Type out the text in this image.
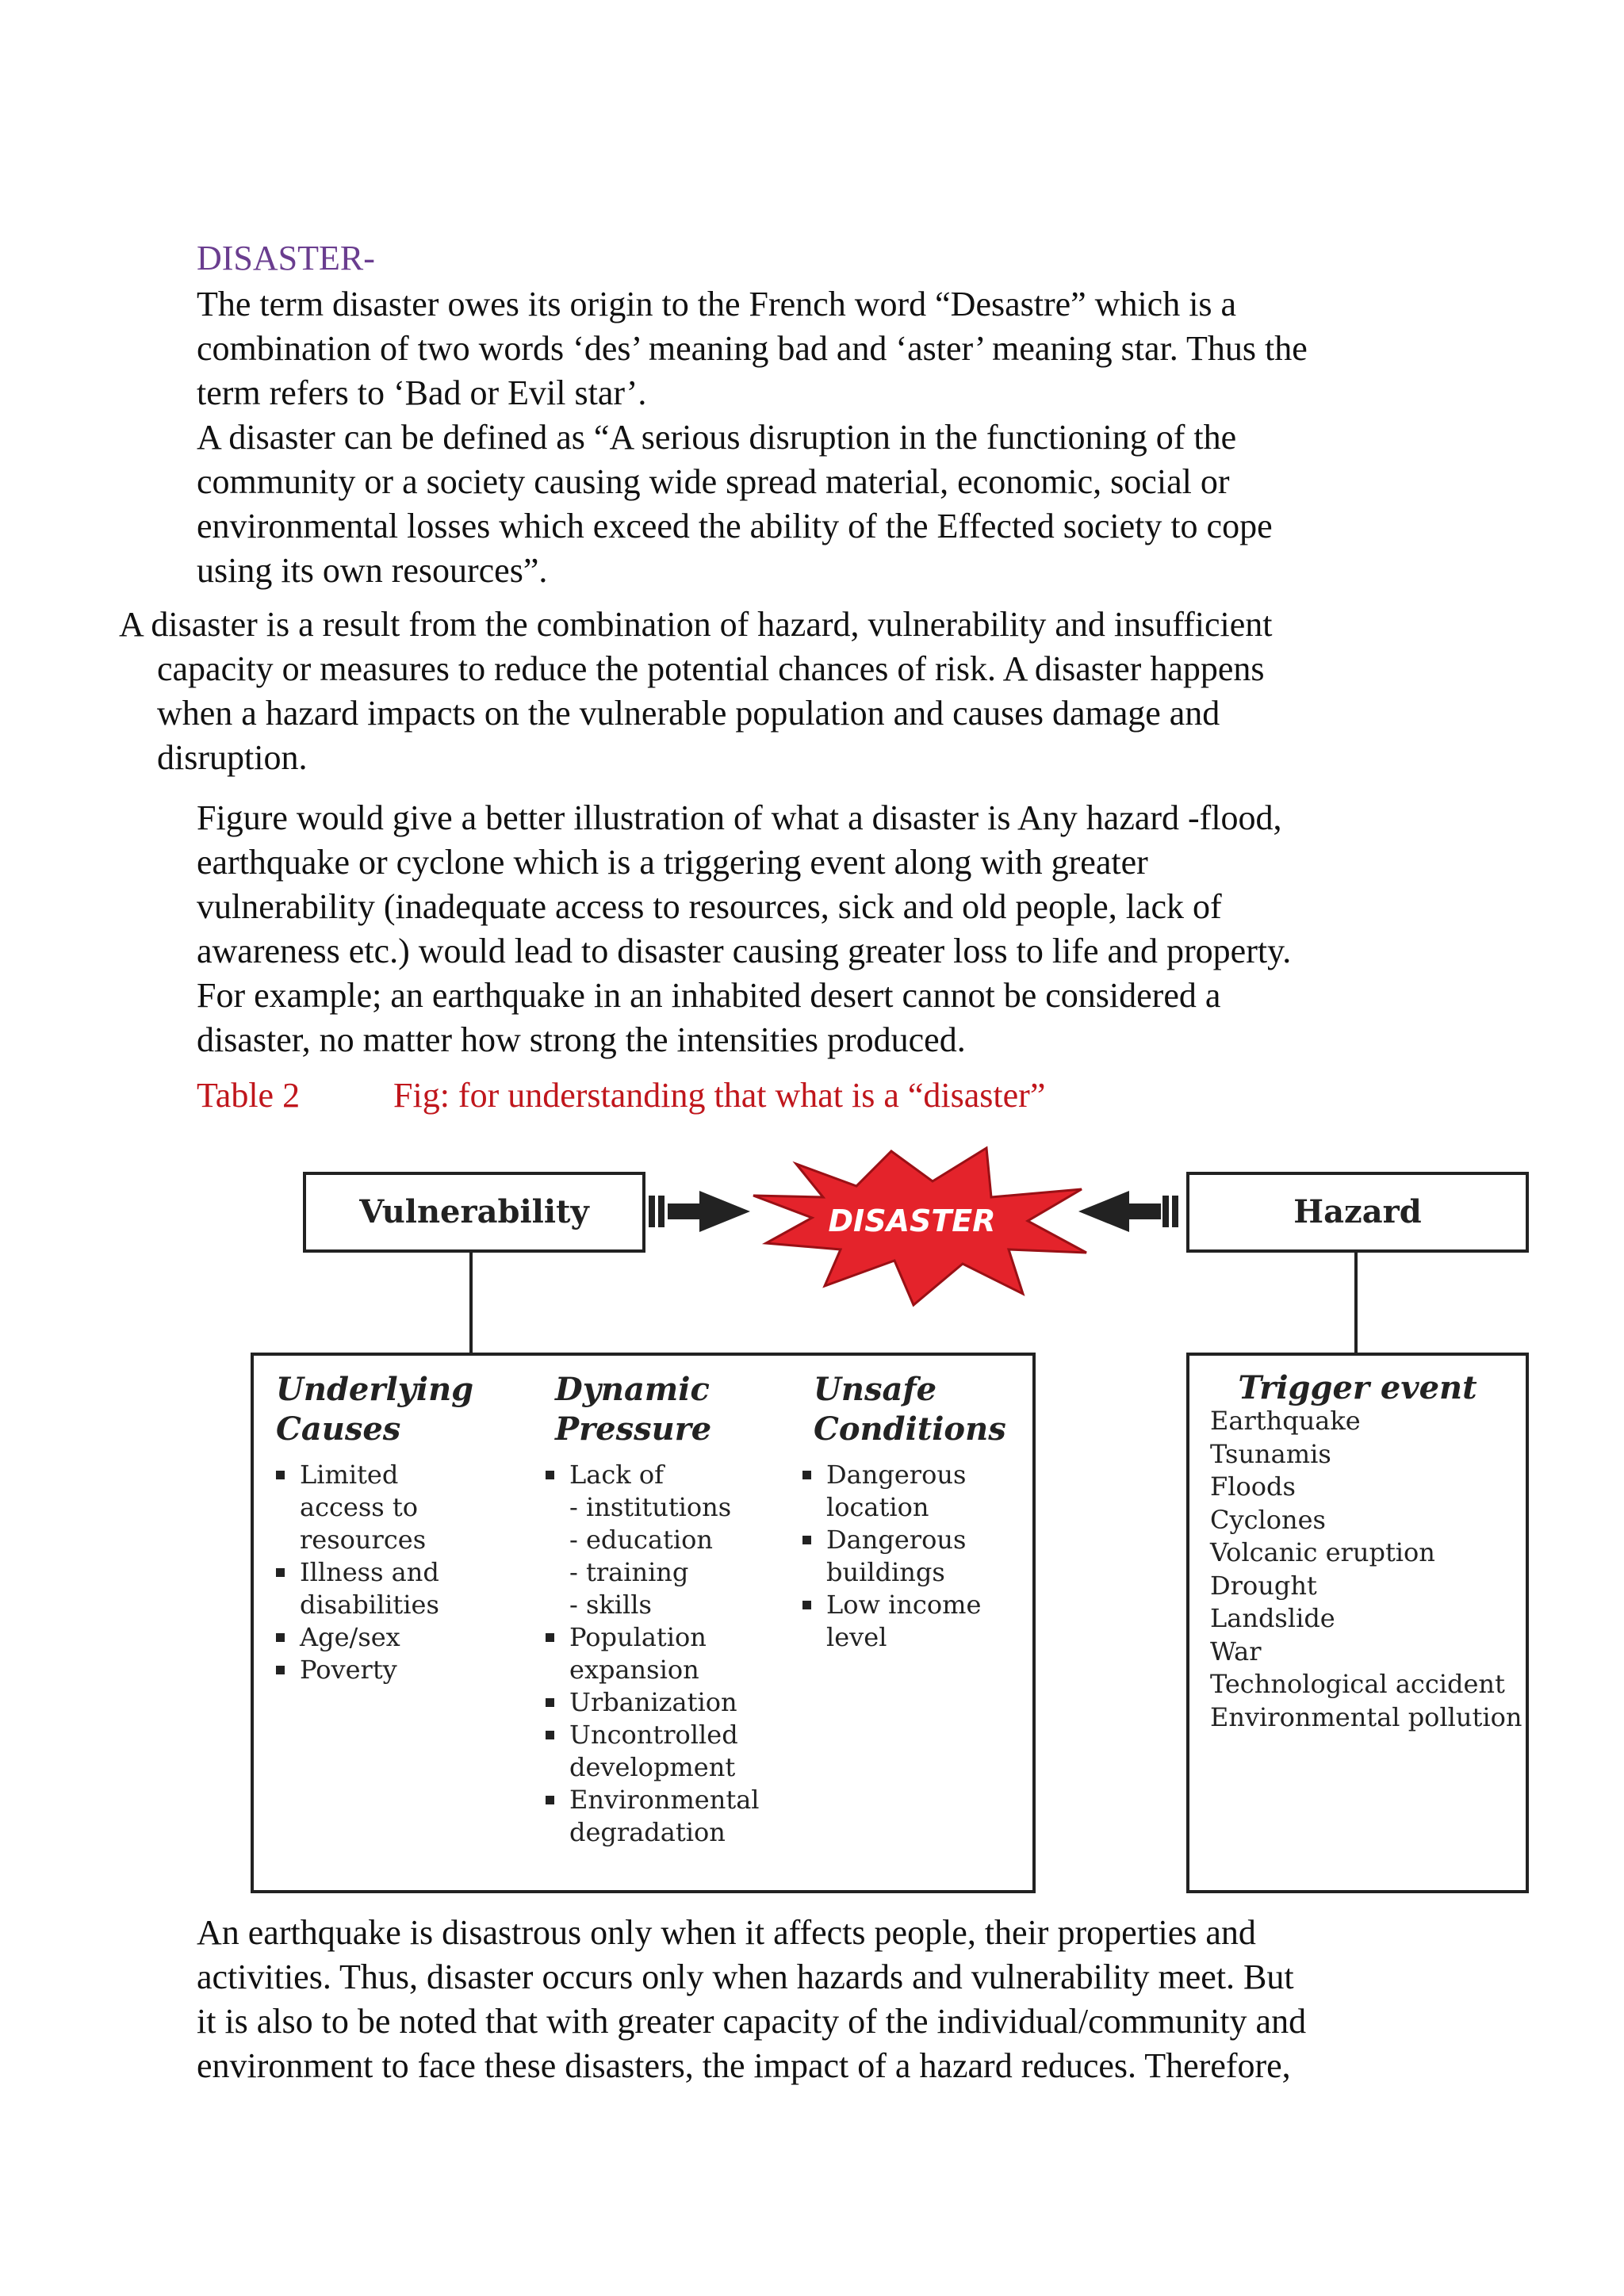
DISASTER-

The term disaster owes its origin to the French word “Desastre” which is a
combination of two words ‘des’ meaning bad and ‘aster’ meaning star. Thus the
term refers to ‘Bad or Evil star’.

A disaster can be defined as “A serious disruption in the functioning of the
community or a society causing wide spread material, economic, social or
environmental losses which exceed the ability of the Effected society to cope
using its own resources”.

A disaster is a result from the combination of hazard, vulnerability and insufficient
capacity or measures to reduce the potential chances of risk. A disaster happens
when a hazard impacts on the vulnerable population and causes damage and
disruption.

Figure would give a better illustration of what a disaster is Any hazard -flood,
earthquake or cyclone which is a triggering event along with greater
vulnerability (inadequate access to resources, sick and old people, lack of
awareness etc.) would lead to disaster causing greater loss to life and property.
For example; an earthquake in an inhabited desert cannot be considered a
disaster, no matter how strong the intensities produced.

Table 2	Fig: for understanding that what is a “disaster”
DISASTER
Vulnerability	Hazard
Underlying
Causes
Limited
access to
resources
Illness and
disabilities
Age/sex
Poverty
Dynamic
Pressure
Lack of
- institutions
- education
- training
- skills
Population
expansion
Urbanization
Uncontrolled
development
Environmental
degradation
Unsafe
Conditions
Dangerous
location
Dangerous
buildings
Low income
level
Trigger event
Earthquake
Tsunamis
Floods
Cyclones
Volcanic eruption
Drought
Landslide
War
Technological accident
Environmental pollution

An earthquake is disastrous only when it affects people, their properties and
activities. Thus, disaster occurs only when hazards and vulnerability meet. But
it is also to be noted that with greater capacity of the individual/community and
environment to face these disasters, the impact of a hazard reduces. Therefore,
